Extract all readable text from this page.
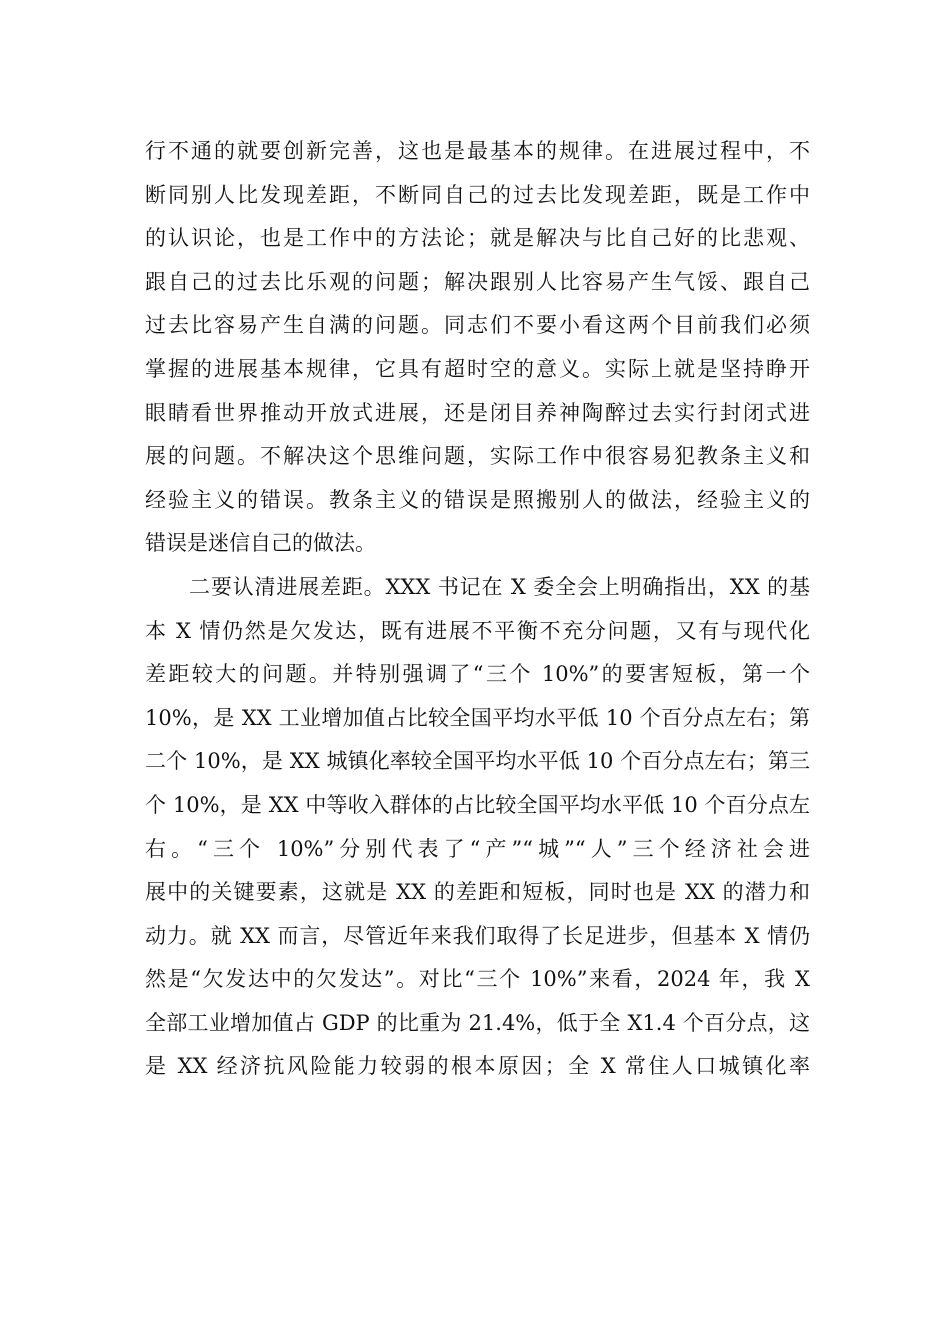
行不通的就要创新完善，这也是最基本的规律。在进展过程中，不
断同别人比发现差距，不断同自己的过去比发现差距，既是工作中
的认识论，也是工作中的方法论；就是解决与比自己好的比悲观、
跟自己的过去比乐观的问题；解决跟别人比容易产生气馁、跟自己
过去比容易产生自满的问题。同志们不要小看这两个目前我们必须
掌握的进展基本规律，它具有超时空的意义。实际上就是坚持睁开
眼睛看世界推动开放式进展，还是闭目养神陶醉过去实行封闭式进
展的问题。不解决这个思维问题，实际工作中很容易犯教条主义和
经验主义的错误。教条主义的错误是照搬别人的做法，经验主义的
错误是迷信自己的做法。
二要认清进展差距。XXX 书记在 X 委全会上明确指出，XX 的基
本 X 情仍然是欠发达，既有进展不平衡不充分问题，又有与现代化
差距较大的问题。并特别强调了“三个 10%”的要害短板，第一个
10%，是 XX 工业增加值占比较全国平均水平低 10 个百分点左右；第
二个 10%，是 XX 城镇化率较全国平均水平低 10 个百分点左右；第三
个 10%，是 XX 中等收入群体的占比较全国平均水平低 10 个百分点左
右。“三个 10%”分别代表了“产”“城”“人”三个经济社会进
展中的关键要素，这就是 XX 的差距和短板，同时也是 XX 的潜力和
动力。就 XX 而言，尽管近年来我们取得了长足进步，但基本 X 情仍
然是“欠发达中的欠发达”。对比“三个 10%”来看，2024 年，我 X
全部工业增加值占 GDP 的比重为 21.4%，低于全 X1.4 个百分点，这
是 XX 经济抗风险能力较弱的根本原因；全 X 常住人口城镇化率
